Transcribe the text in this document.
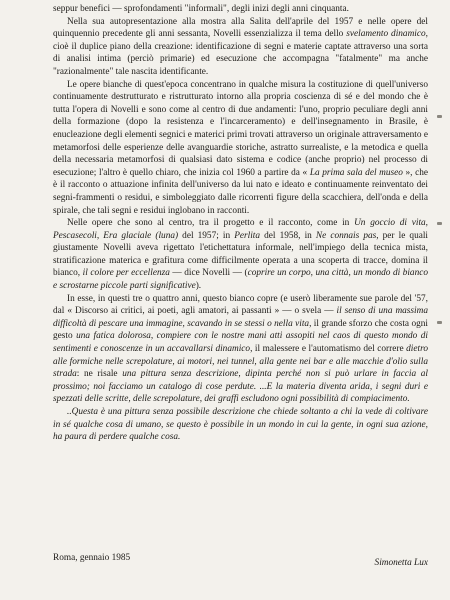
seppur benefici — sprofondamenti "informali", degli inizi degli anni cinquanta.

Nella sua autopresentazione alla mostra alla Salita dell'aprile del 1957 e nelle opere del quinquennio precedente gli anni sessanta, Novelli essenzializza il tema dello svelamento dinamico, cioè il duplice piano della creazione: identificazione di segni e materie captate attraverso una sorta di analisi intima (perciò primarie) ed esecuzione che accompagna "fatalmente" ma anche "razionalmente" tale nascita identificante.

Le opere bianche di quest'epoca concentrano in qualche misura la costituzione di quell'universo continuamente destrutturato e ristrutturato intorno alla propria coscienza di sé e del mondo che è tutta l'opera di Novelli e sono come al centro di due andamenti: l'uno, proprio peculiare degli anni della formazione (dopo la resistenza e l'incarceramento) e dell'insegnamento in Brasile, è enucleazione degli elementi segnici e materici primi trovati attraverso un originale attraversamento e metamorfosi delle esperienze delle avanguardie storiche, astratto surrealiste, e la metodica e quella della necessaria metamorfosi di qualsiasi dato sistema e codice (anche proprio) nel processo di esecuzione; l'altro è quello chiaro, che inizia col 1960 a partire da « La prima sala del museo », che è il racconto o attuazione infinita dell'universo da lui nato e ideato e continuamente reinventato dei segni-frammenti o residui, e simboleggiato dalle ricorrenti figure della scacchiera, dell'onda e della spirale, che tali segni e residui inglobano in racconti.

Nelle opere che sono al centro, tra il progetto e il racconto, come in Un goccio di vita, Pescasecoli, Era glaciale (luna) del 1957; in Perlita del 1958, in Ne connais pas, per le quali giustamente Novelli aveva rigettato l'etichettatura informale, nell'impiego della tecnica mista, stratificazione materica e grafitura come difficilmente operata a una scoperta di tracce, domina il bianco, il colore per eccellenza — dice Novelli — (coprire un corpo, una città, un mondo di bianco e scrostarne piccole parti significative).

In esse, in questi tre o quattro anni, questo bianco copre (e userò liberamente sue parole del '57, dal « Discorso ai critici, ai poeti, agli amatori, ai passanti » — o svela — il senso di una massima difficoltà di pescare una immagine, scavando in se stessi o nella vita, il grande sforzo che costa ogni gesto una fatica dolorosa, compiere con le nostre mani atti assopiti nel caos di questo mondo di sentimenti e conoscenze in un accavallarsi dinamico, il malessere e l'automatismo del correre dietro alle formiche nelle screpolature, ai motori, nei tunnel, alla gente nei bar e alle macchie d'olio sulla strada: ne risale una pittura senza descrizione, dipinta perché non si può urlare in faccia al prossimo; noi facciamo un catalogo di cose perdute. ...E la materia diventa arida, i segni duri e spezzati delle scritte, delle screpolature, dei graffi escludono ogni possibilità di compiacimento.

..Questa è una pittura senza possibile descrizione che chiede soltanto a chi la vede di coltivare in sé qualche cosa di umano, se questo è possibile in un mondo in cui la gente, in ogni sua azione, ha paura di perdere qualche cosa.

Roma, gennaio 1985	Simonetta Lux
